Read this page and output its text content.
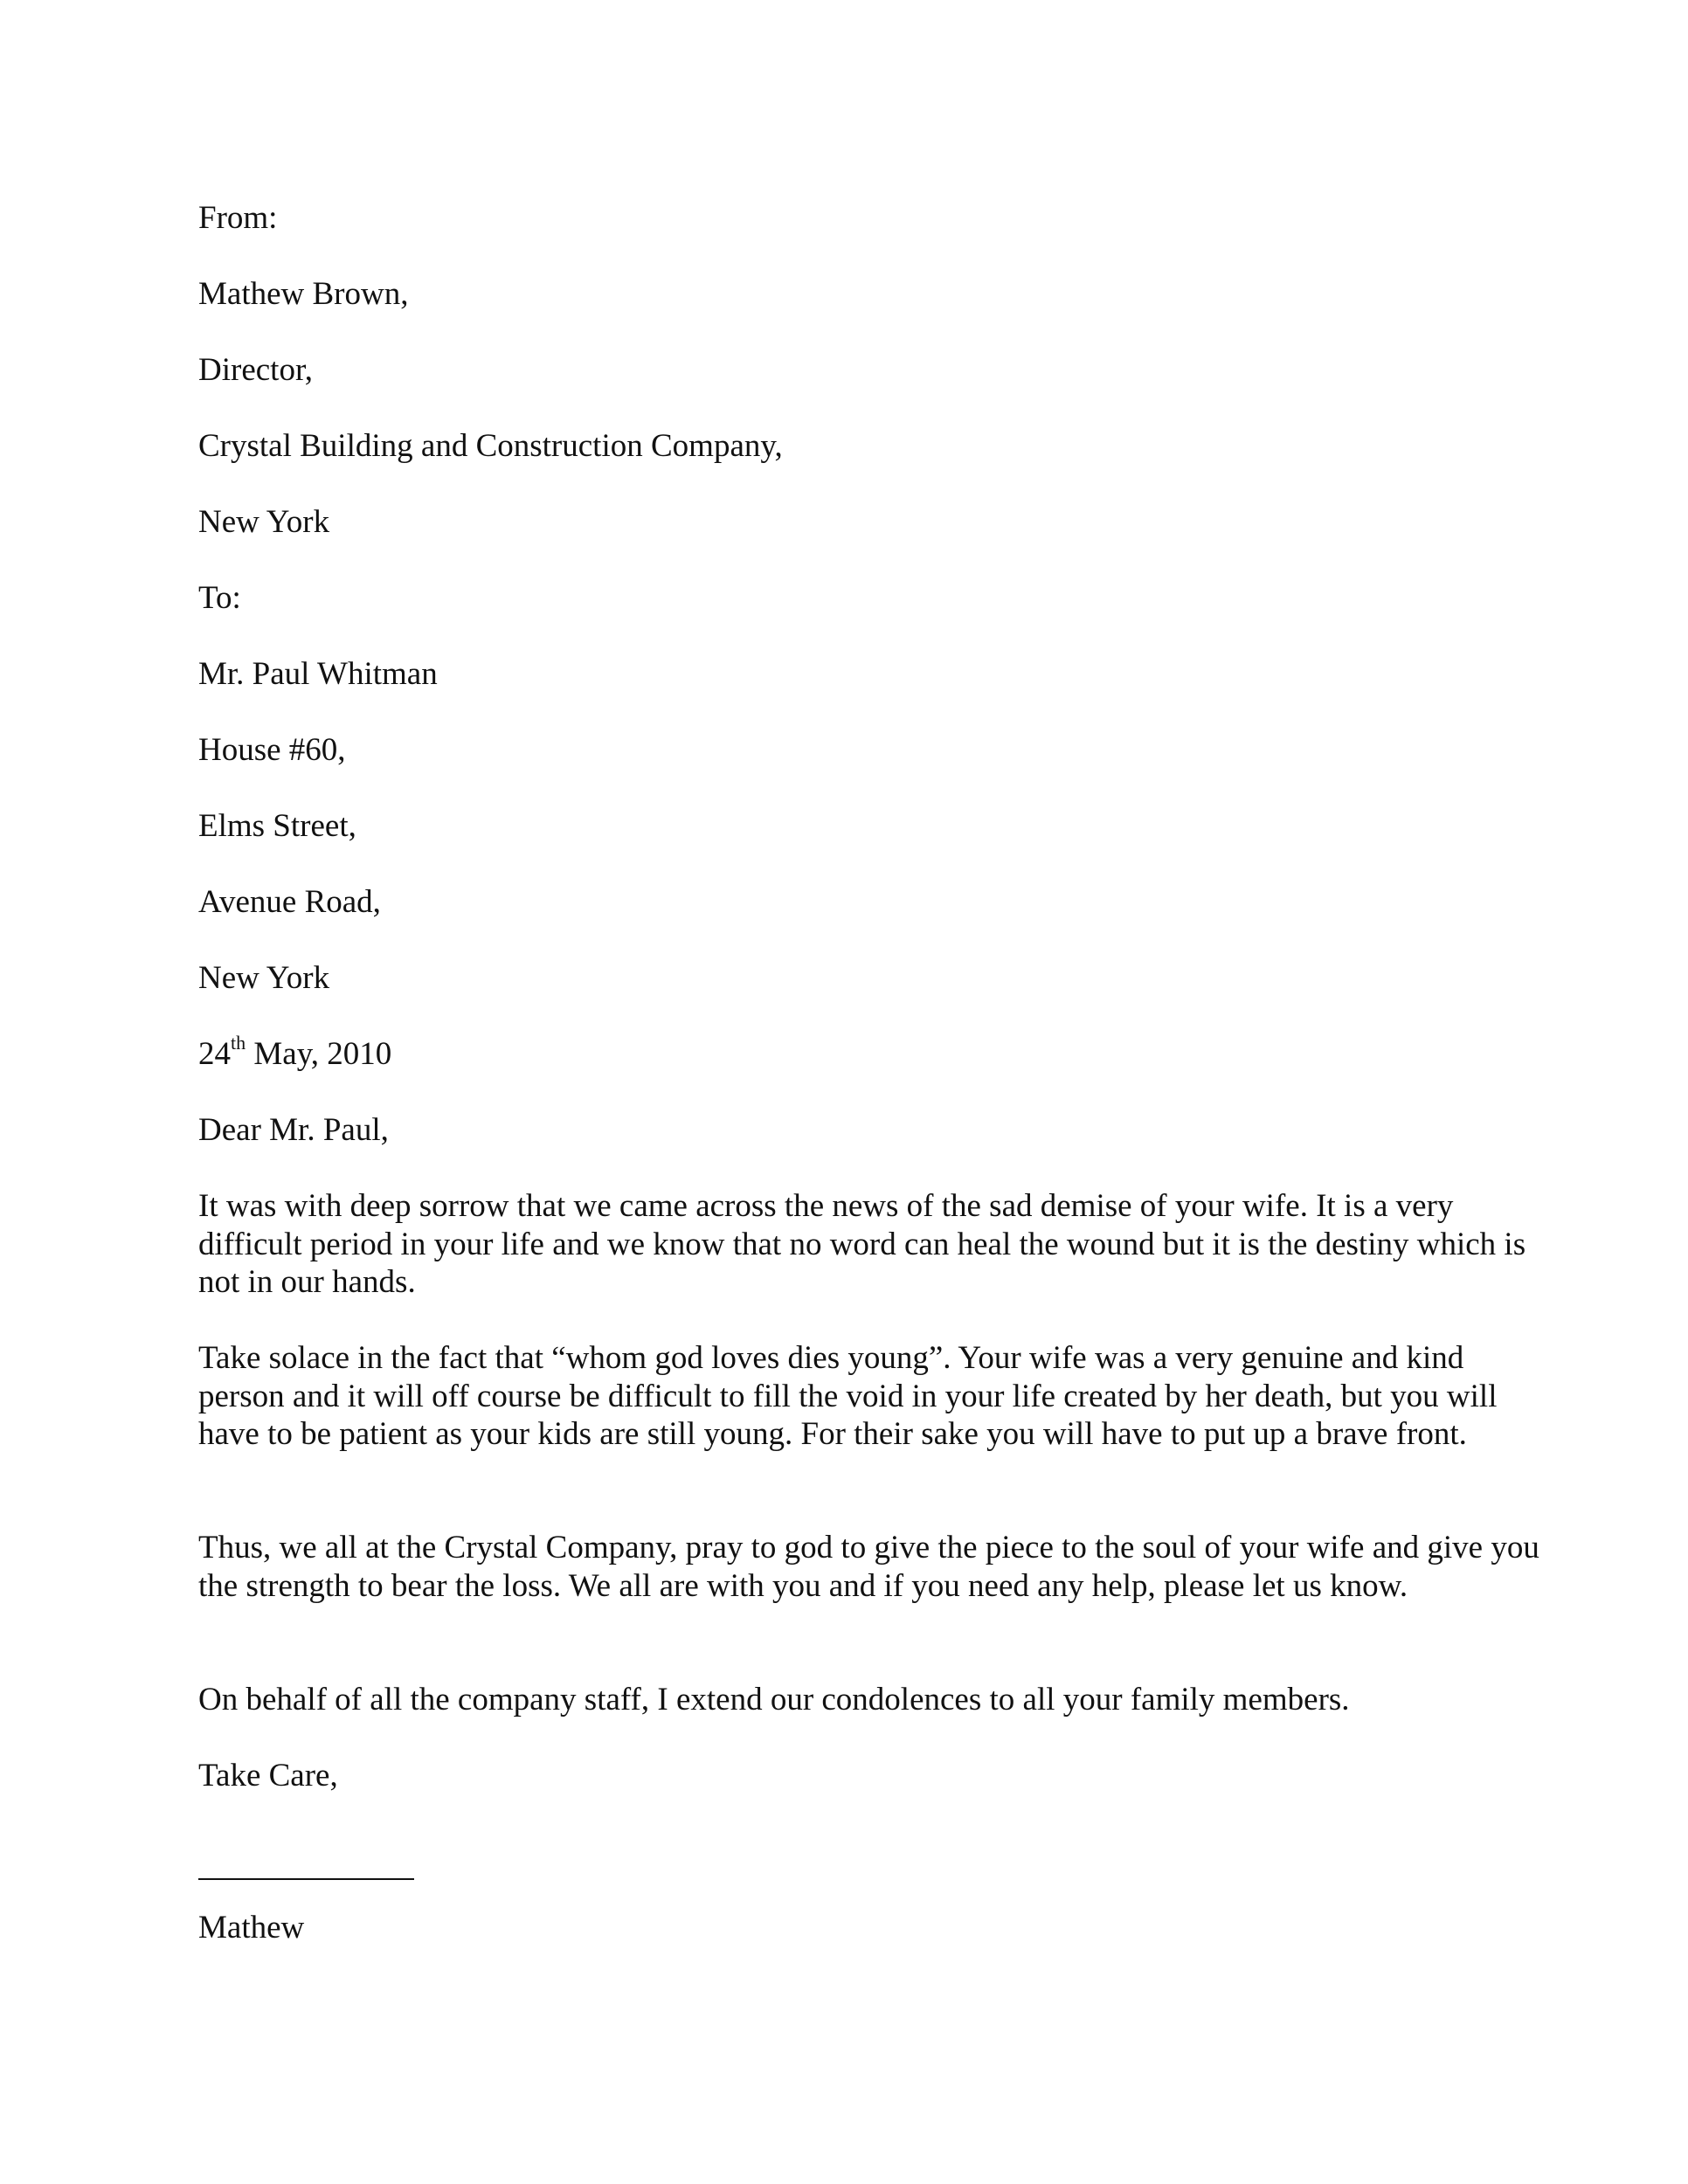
From:

Mathew Brown,

Director,

Crystal Building and Construction Company,

New York

To:

Mr. Paul Whitman

House #60,

Elms Street,

Avenue Road,

New York

24th May, 2010

Dear Mr. Paul,

It was with deep sorrow that we came across the news of the sad demise of your wife. It is a very difficult period in your life and we know that no word can heal the wound but it is the destiny which is not in our hands.

Take solace in the fact that “whom god loves dies young”. Your wife was a very genuine and kind person and it will off course be difficult to fill the void in your life created by her death, but you will have to be patient as your kids are still young. For their sake you will have to put up a brave front.

Thus, we all at the Crystal Company, pray to god to give the piece to the soul of your wife and give you the strength to bear the loss. We all are with you and if you need any help, please let us know.

On behalf of all the company staff, I extend our condolences to all your family members.

Take Care,

Mathew
